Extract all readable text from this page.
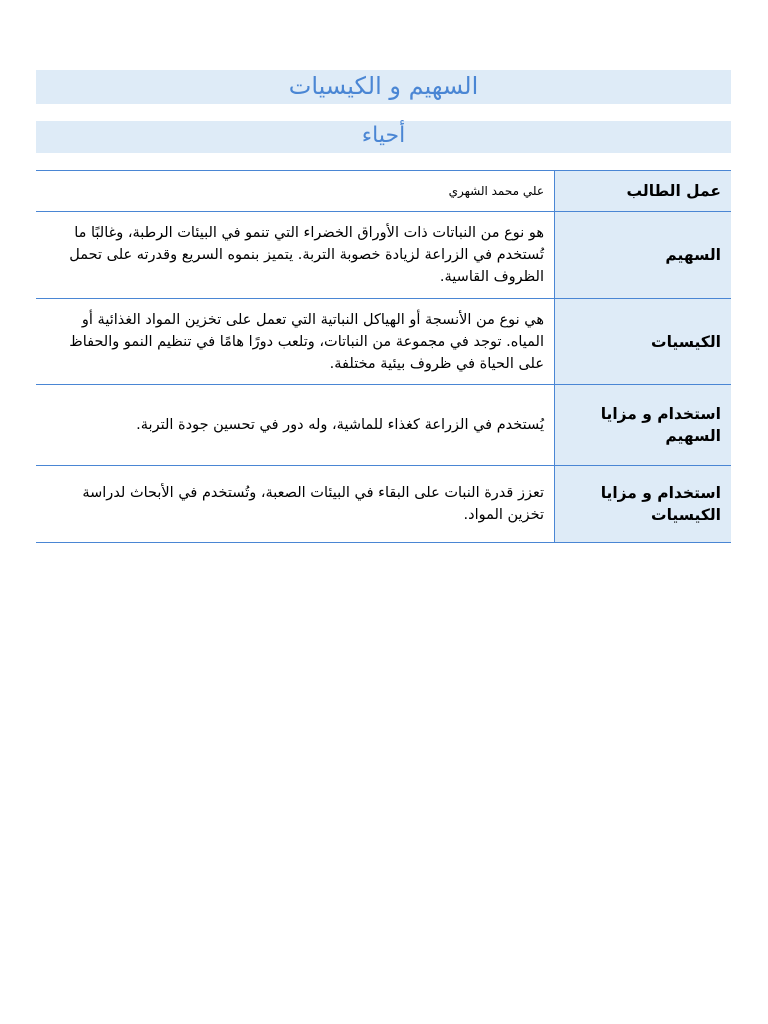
السهيم و الكيسيات
أحياء
عمل الطالب	علي محمد الشهري
السهيم	هو نوع من النباتات ذات الأوراق الخضراء التي تنمو في البيئات الرطبة، وغالبًا ما تُستخدم في الزراعة لزيادة خصوبة التربة. يتميز بنموه السريع وقدرته على تحمل الظروف القاسية.
الكيسيات	هي نوع من الأنسجة أو الهياكل النباتية التي تعمل على تخزين المواد الغذائية أو المياه. توجد في مجموعة من النباتات، وتلعب دورًا هامًا في تنظيم النمو والحفاظ على الحياة في ظروف بيئية مختلفة.
استخدام و مزايا السهيم	يُستخدم في الزراعة كغذاء للماشية، وله دور في تحسين جودة التربة.
استخدام و مزايا الكيسيات	تعزز قدرة النبات على البقاء في البيئات الصعبة، وتُستخدم في الأبحاث لدراسة تخزين المواد.
